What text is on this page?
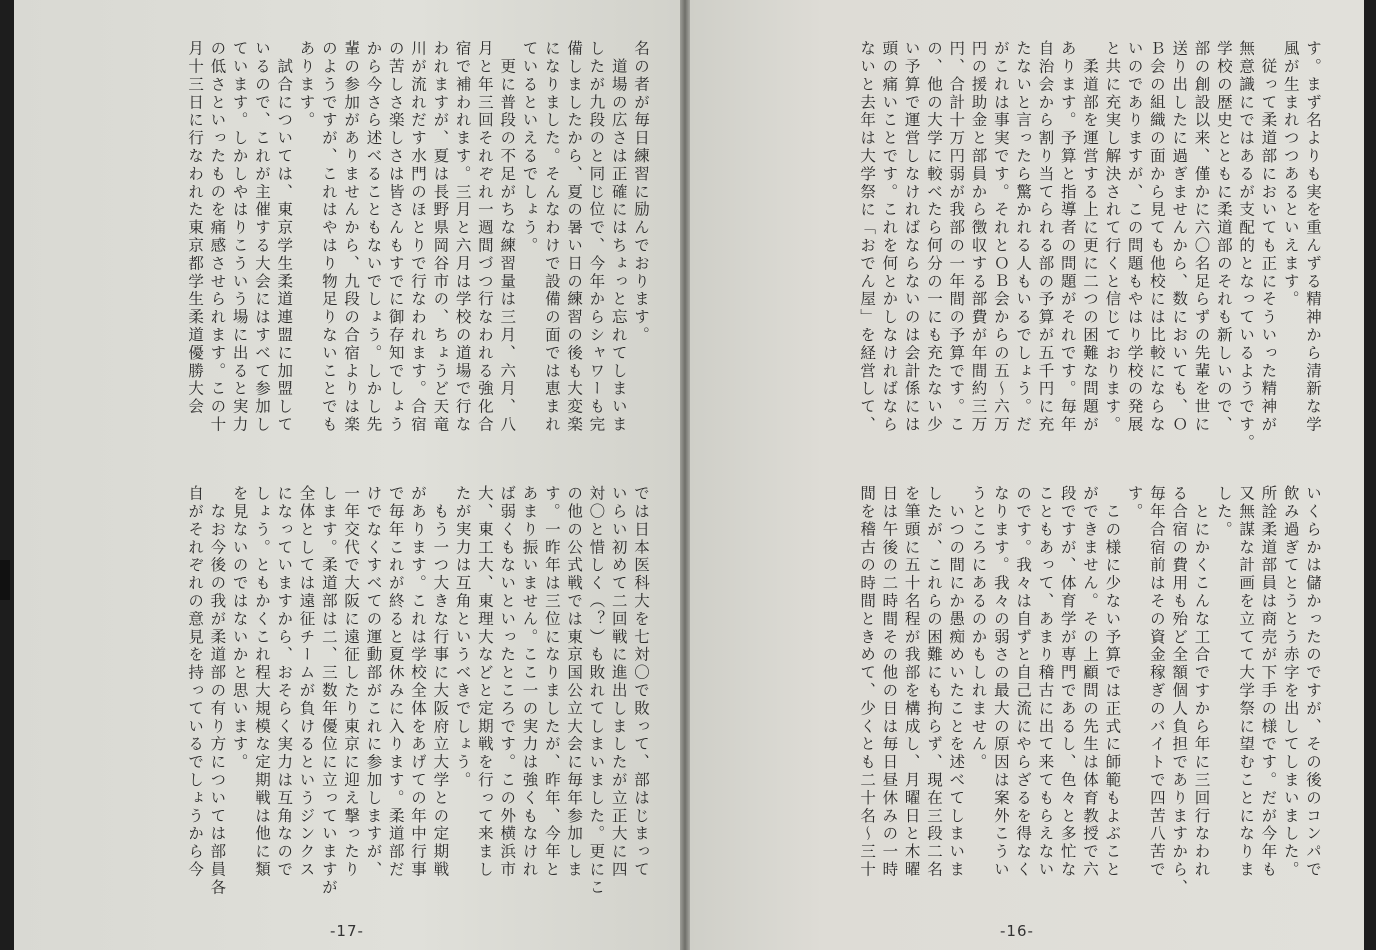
名の者が毎日練習に励んでおります。
　道場の広さは正確にはちょっと忘れてしまいま
したが九段のと同じ位で、今年からシャワーも完
備しましたから、夏の暑い日の練習の後も大変楽
になりました。そんなわけで設備の面では恵まれ
ているといえるでしょう。
　更に普段の不足がちな練習量は三月、六月、八
月と年三回それぞれ一週間づつ行なわれる強化合
宿で補われます。三月と六月は学校の道場で行な
われますが、夏は長野県岡谷市の、ちょうど天竜
川が流れだす水門のほとりで行なわれます。合宿
の苦しさ楽しさは皆さんもすでに御存知でしょう
から今さら述べることもないでしょう。しかし先
輩の参加がありませんから、九段の合宿よりは楽
のようですが、これはやはり物足りないことでも
あります。
　試合については、東京学生柔道連盟に加盟して
いるので、これが主催する大会にはすべて参加し
ています。しかしやはりこういう場に出ると実力
の低さといったものを痛感させられます。この十
月十三日に行なわれた東京都学生柔道優勝大会
では日本医科大を七対〇で敗って、部はじまって
いらい初めて二回戦に進出しましたが立正大に四
対〇と惜しく（？）も敗れてしまいました。更にこ
の他の公式戦では東京国公立大会に毎年参加しま
す。一昨年は三位になりましたが、昨年、今年と
あまり振いません。ここ一の実力は強くもなけれ
ば弱くもないといったところです。この外横浜市
大、東工大、東理大などと定期戦を行って来まし
たが実力は互角というべきでしょう。
　もう一つ大きな行事に大阪府立大学との定期戦
があります。これは学校全体をあげての年中行事
で毎年これが終ると夏休みに入ります。柔道部だ
けでなくすべての運動部がこれに参加しますが、
一年交代で大阪に遠征したり東京に迎え撃ったり
します。柔道部は二、三数年優位に立っていますが
全体としては遠征チームが負けるというジンクス
になっていますから、おそらく実力は互角なので
しょう。ともかくこれ程大規模な定期戦は他に類
を見ないのではないかと思います。
　なお今後の我が柔道部の有り方については部員各
自がそれぞれの意見を持っているでしょうから今
-17-
す。まず名よりも実を重んずる精神から清新な学
風が生まれつつあるといえます。
　従って柔道部においても正にそういった精神が
無意識にではあるが支配的となっているようです。
学校の歴史とともに柔道部のそれも新しいので、
部の創設以来、僅かに六〇名足らずの先輩を世に
送り出したに過ぎませんから、数においても、Ｏ
Ｂ会の組織の面から見ても他校には比較にならな
いのでありますが、この問題もやはり学校の発展
と共に充実し解決されて行くと信じております。
　柔道部を運営する上に更に二つの困難な問題が
あります。予算と指導者の問題がそれです。毎年
自治会から割り当てられる部の予算が五千円に充
たないと言ったら驚かれる人もいるでしょう。だ
がこれは事実です。それとＯＢ会からの五～六万
円の援助金と部員から徴収する部費が年間約三万
円、合計十万円弱が我部の一年間の予算です。こ
の、他の大学に較べたら何分の一にも充たない少
い予算で運営しなければならないのは会計係には
頭の痛いことです。これを何とかしなければなら
ないと去年は大学祭に「おでん屋」を経営して、
いくらかは儲かったのですが、その後のコンパで
飲み過ぎてとうとう赤字を出してしまいました。
所詮柔道部員は商売が下手の様です。だが今年も
又無謀な計画を立てて大学祭に望むことになりま
した。
　とにかくこんな工合ですから年に三回行なわれ
る合宿の費用も殆ど全額個人負担でありますから、
毎年合宿前はその資金稼ぎのバイトで四苦八苦で
す。
　この様に少ない予算では正式に師範もよぶこと
ができません。その上顧問の先生は体育教授で六
段ですが、体育学が専門であるし、色々と多忙な
こともあって、あまり稽古に出て来てもらえない
のです。我々は自ずと自己流にやらざるを得なく
なります。我々の弱さの最大の原因は案外こうい
うところにあるのかもしれません。
　いつの間にか愚痴めいたことを述べてしまいま
したが、これらの困難にも拘らず、現在三段二名
を筆頭に五十名程が我部を構成し、月曜日と木曜
日は午後の二時間その他の日は毎日昼休みの一時
間を稽古の時間ときめて、少くとも二十名～三十
-16-
